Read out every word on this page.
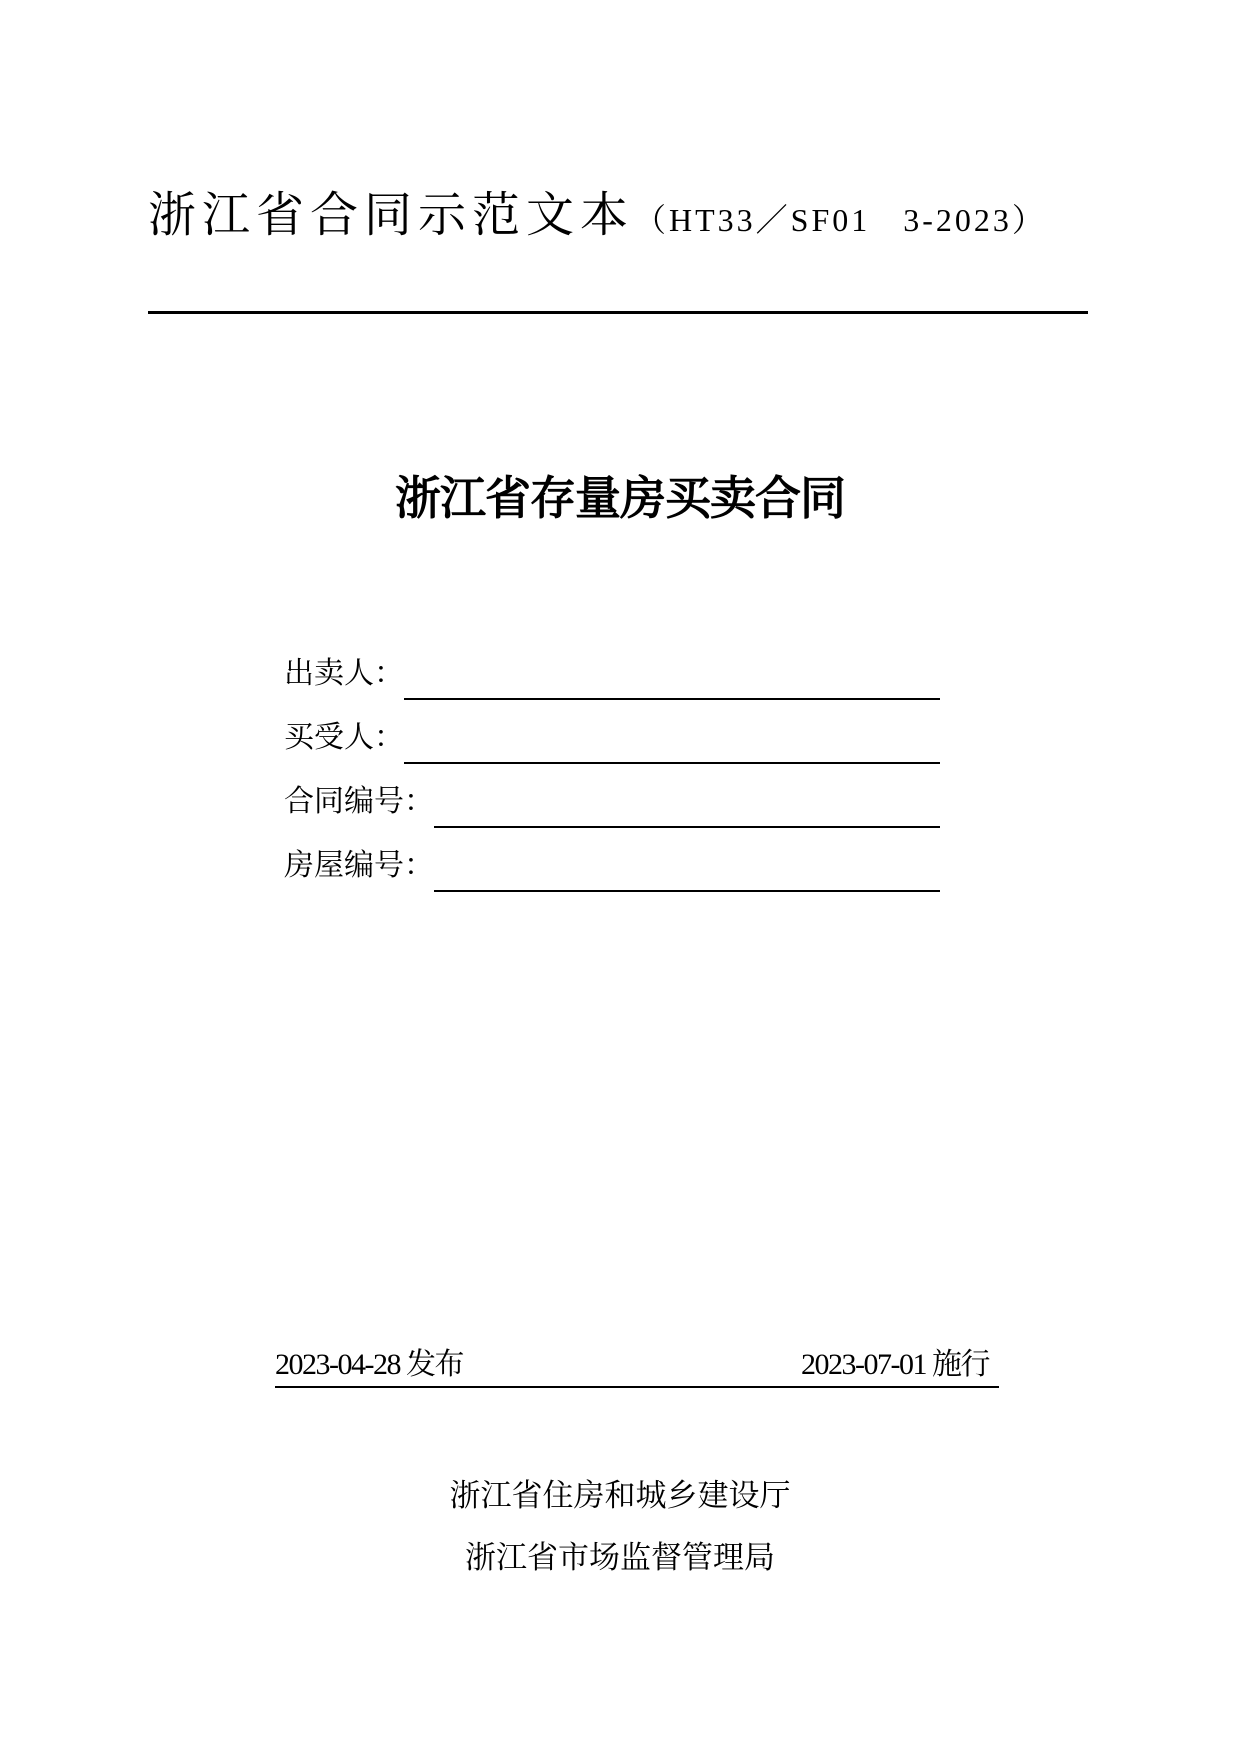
浙江省合同示范文本（HT33／SF01   3-2023）
浙江省存量房买卖合同
出卖人：
买受人：
合同编号：
房屋编号：
2023-04-28 发布	2023-07-01 施行
浙江省住房和城乡建设厅
浙江省市场监督管理局
